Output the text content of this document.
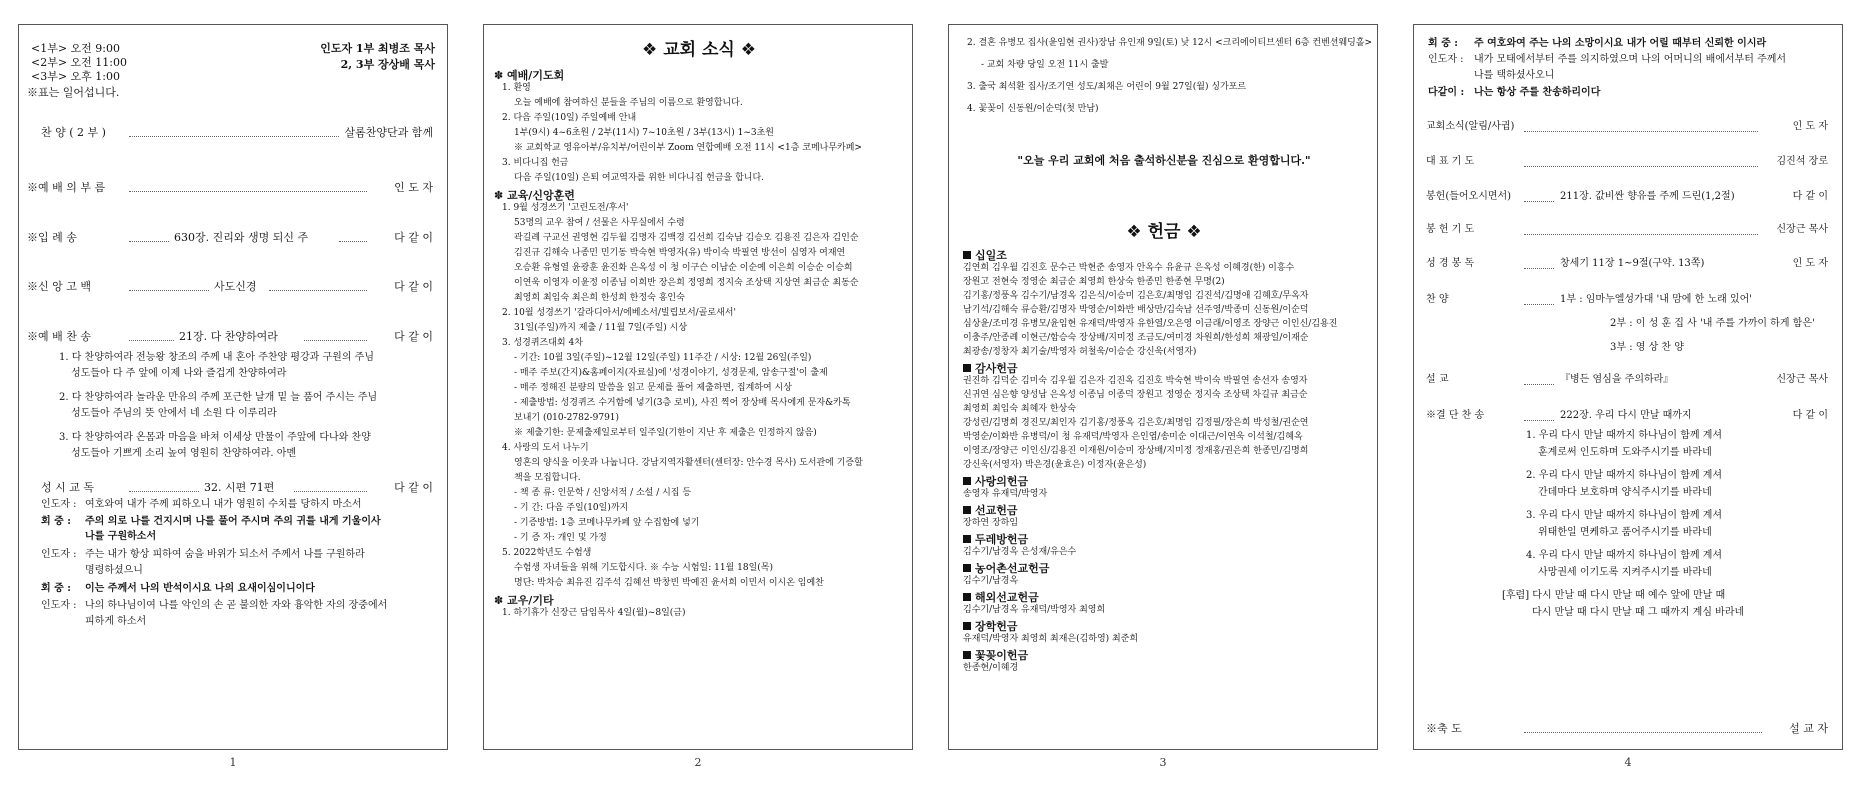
<1부> 오전 9:00
<2부> 오전 11:00
<3부> 오후 1:00
인도자 1부 최병조 목사
2, 3부 장상배 목사
※표는 일어섭니다.
찬 양 ( 2 부 )	살롬찬양단과 함께
※예 배 의 부 름	인 도 자
※입 례 송	630장. 진리와 생명 되신 주	다 같 이
※신 앙 고 백	사도신경	다 같 이
※예 배 찬 송	21장. 다 찬양하여라	다 같 이
1. 다 찬양하여라 전능왕 창조의 주께 내 혼아 주찬양 평강과 구원의 주님
성도들아 다 주 앞에 이제 나와 즐겁게 찬양하여라
2. 다 찬양하여라 놀라운 만유의 주께 포근한 날개 밑 늘 품어 주시는 주님
성도들아 주님의 뜻 안에서 네 소원 다 이루리라
3. 다 찬양하여라 온몸과 마음을 바쳐 이세상 만물이 주앞에 다나와 찬양
성도들아 기쁘게 소리 높여 영원히 찬양하여라. 아멘
성 시 교 독	32. 시편 71편	다 같 이
인도자 : 여호와여 내가 주께 피하오니 내가 영원히 수치를 당하지 마소서
회 중 : 주의 의로 나를 건지시며 나를 풀어 주시며 주의 귀를 내게 기울이사
나를 구원하소서
인도자 : 주는 내가 항상 피하여 숨을 바위가 되소서 주께서 나를 구원하라
명령하셨으니
회 중 : 이는 주께서 나의 반석이시요 나의 요새이심이니이다
인도자 : 나의 하나님이여 나를 악인의 손 곧 불의한 자와 흉악한 자의 장중에서
피하게 하소서
1
❖ 교회 소식 ❖
✽ 예배/기도회
1. 환영
오늘 예배에 참여하신 분들을 주님의 이름으로 환영합니다.
2. 다음 주일(10일) 주일예배 안내
1부(9시) 4~6초원 / 2부(11시) 7~10초원 / 3부(13시) 1~3초원
※ 교회학교 영유아부/유치부/어린이부 Zoom 연합예배 오전 11시 <1층 코메나무카페>
3. 비다니집 헌금
다음 주일(10일) 은퇴 여교역자를 위한 비다니집 헌금을 합니다.
✽ 교육/신앙훈련
1. 9월 성경쓰기 '고린도전/후서'
53명의 교우 참여 / 선물은 사무실에서 수령
곽길례 구교선 권영현 김두월 김명자 김백경 김선희 김숙남 김승오 김용진 김은자 김인순
김진규 김해숙 나종민 민기동 박숙현 박영자(유) 박이숙 박필연 방선이 심영자 여재연
오승환 유형열 윤광훈 윤진화 은옥성 이 청 이구슨 이남순 이순예 이은희 이승순 이승희
이연욱 이영자 이윤정 이종님 이희반 장은희 정영희 정지숙 조상택 지상연 최금순 최동순
최영희 최임숙 최은희 한성희 한정숙 홍인숙
2. 10월 성경쓰기 '갈라디아서/에베소서/빌립보서/골로새서'
31일(주일)까지 제출 / 11월 7일(주일) 시상
3. 성경퀴즈대회 4차
- 기간: 10월 3일(주일)~12월 12일(주일) 11주간 / 시상: 12월 26일(주일)
- 매주 주보(간지)&홈페이지(자료실)에 '성경이야기, 성경문제, 암송구절'이 출제
- 매주 정해진 분량의 말씀을 읽고 문제를 풀어 제출하면, 집계하여 시상
- 제출방법: 성경퀴즈 수거함에 넣기(3층 로비), 사진 찍어 장상배 목사에게 문자&카톡
보내기 (010-2782-9791)
※ 제출기한: 문제출제일로부터 일주일(기한이 지난 후 제출은 인정하지 않음)
4. 사랑의 도서 나누기
영혼의 양식을 이웃과 나눕니다. 강남지역자활센터(센터장: 안수경 목사) 도서관에 기증할
책을 모집합니다.
- 책 종 류: 인문학 / 신앙서적 / 소설 / 시집 등
- 기 간: 다음 주일(10일)까지
- 기증방법: 1층 코메나무카페 앞 수집함에 넣기
- 기 증 자: 개인 및 가정
5. 2022학년도 수험생
수험생 자녀들을 위해 기도합시다. ※ 수능 시험일: 11월 18일(목)
명단: 박차승 최유진 김주석 김혜선 박창빈 박예진 윤서희 이민서 이시온 임예찬
✽ 교우/기타
1. 하기휴가 신장근 담임목사 4일(월)~8일(금)
2
2. 결혼 유병모 집사(윤임현 권사)장남 유인재 9일(토) 낮 12시 <크리에이티브센터 6층 컨벤션웨딩홀>
- 교회 차량 당일 오전 11시 출발
3. 출국 최석환 집사/조기연 성도/최채은 어린이 9월 27일(월) 싱가포르
4. 꽃꽂이 신동원/이순덕(첫 만남)
"오늘 우리 교회에 처음 출석하신분을 진심으로 환영합니다."
❖ 헌금 ❖
십일조
김연희 김우월 김진호 문수근 박현준 송영자 안옥수 유윤규 은옥성 이혜경(한) 이흥수
장원고 전현숙 정영순 최금순 최영희 한상숙 한종민 한종현 무명(2)
김기홍/정풍옥 김수기/남경옥 김은식/이승미 김은호/최명임 김진석/김명애 김혜호/무옥자
남기석/김해숙 류승환/김명자 박영순/이화반 배상만/김숙남 선주영/박종미 신동원/이순덕
심상윤/조미경 유병모/윤임현 유재덕/박영자 유한열/오은영 이금래/이영조 장양근 이인신/김용진
이충주/안종례 이현근/함승숙 장상배/지미정 조금도/여미경 차원희/한성희 채광일/이재순
최광송/정창자 최기술/박영자 허철욱/이승순 강신욱(서영자)
감사헌금
권진하 김덕순 김미숙 김우월 김은자 김진옥 김진호 박숙현 박이숙 박필연 송선자 송영자
신귀연 심은향 양성남 은옥성 이종님 이종덕 장원고 정영순 정지숙 조상택 차길규 최금순
최영희 최임숙 최혜자 한상숙
강성린/김명희 경진모/최인자 김기홍/정풍옥 김은호/최명임 김정필/장은희 박성철/권순연
박영순/이화반 유병덕/이 청 유재덕/박영자 은인엽/송미순 이대근/이연욱 이석철/김혜옥
이영조/장양근 이인신/김용진 이재원/이승미 장상배/지미정 정재홍/권은희 한종민/김명희
강신욱(서영자) 박은경(윤효은) 이정자(윤은성)
사랑의헌금
송영자 유재덕/박영자
선교헌금
장하연 장하임
두레방헌금
김수기/남경옥 은성재/유은수
농어촌선교헌금
김수기/남경옥
해외선교헌금
김수기/남경옥 유재덕/박영자 최영희
장학헌금
유재덕/박영자 최영희 최재은(김하영) 최준희
꽃꽂이헌금
한종현/이혜경
3
회 중 : 주 여호와여 주는 나의 소망이시요 내가 어릴 때부터 신뢰한 이시라
인도자 : 내가 모태에서부터 주를 의지하였으며 나의 어머니의 배에서부터 주께서
나를 택하셨사오니
다같이 : 나는 항상 주를 찬송하리이다
교회소식(알림/사귐)	인 도 자
대 표 기 도	김진석 장로
봉헌(들어오시면서)	211장. 값비싼 향유를 주께 드린(1,2절)	다 같 이
봉 헌 기 도	신장근 목사
성 경 봉 독	창세기 11장 1~9절(구약. 13쪽)	인 도 자
찬 양	1부 : 임마누엘성가대 '내 맘에 한 노래 있어'
2부 : 이 성 훈 집 사 '내 주를 가까이 하게 함은'
3부 : 영 상 찬 양
설 교	『병든 염심을 주의하라』	신장근 목사
※결 단 찬 송	222장. 우리 다시 만날 때까지	다 같 이
1. 우리 다시 만날 때까지 하나님이 함께 계셔
훈계로써 인도하며 도와주시기를 바라네
2. 우리 다시 만날 때까지 하나님이 함께 계셔
간데마다 보호하며 양식주시기를 바라네
3. 우리 다시 만날 때까지 하나님이 함께 계셔
위태한일 면케하고 품어주시기를 바라네
4. 우리 다시 만날 때까지 하나님이 함께 계셔
사망권세 이기도록 지켜주시기를 바라네
[후렴] 다시 만날 때 다시 만날 때 예수 앞에 만날 때
다시 만날 때 다시 만날 때 그 때까지 계심 바라네
※축 도	설 교 자
4
